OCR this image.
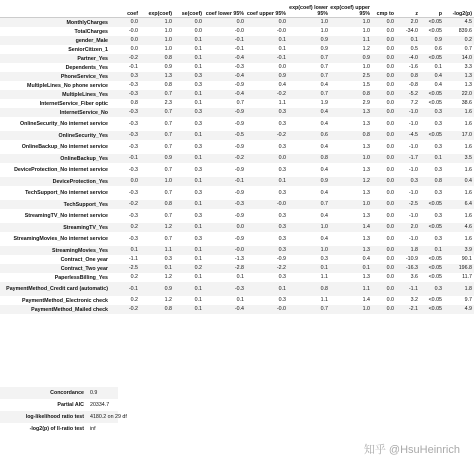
	coef	exp(coef)	se(coef)	coef lower 95%	coef upper 95%	exp(coef) lower 95%	exp(coef) upper 95%	cmp to	z	p	-log2(p)
MonthlyCharges	0.0	1.0	0.0	0.0	0.0	1.0	1.0	0.0	2.0	<0.05	4.5
TotalCharges	-0.0	1.0	0.0	-0.0	-0.0	1.0	1.0	0.0	-34.0	<0.05	839.6
gender_Male	0.0	1.0	0.1	-0.1	0.1	0.9	1.1	0.0	0.1	0.9	0.2
SeniorCitizen_1	0.0	1.0	0.1	-0.1	0.1	0.9	1.2	0.0	0.5	0.6	0.7
Partner_Yes	-0.2	0.8	0.1	-0.4	-0.1	0.7	0.9	0.0	-4.0	<0.05	14.0
Dependents_Yes	-0.1	0.9	0.1	-0.3	0.0	0.7	1.0	0.0	-1.6	0.1	3.3
PhoneService_Yes	0.3	1.3	0.3	-0.4	0.9	0.7	2.5	0.0	0.8	0.4	1.3
MultipleLines_No phone service	-0.3	0.8	0.3	-0.9	0.4	0.4	1.5	0.0	-0.8	0.4	1.3
MultipleLines_Yes	-0.3	0.7	0.1	-0.4	-0.2	0.7	0.8	0.0	-5.2	<0.05	22.0
InternetService_Fiber optic	0.8	2.3	0.1	0.7	1.1	1.9	2.9	0.0	7.2	<0.05	38.6
InternetService_No	-0.3	0.7	0.3	-0.9	0.3	0.4	1.3	0.0	-1.0	0.3	1.6
OnlineSecurity_No internet service	-0.3	0.7	0.3	-0.9	0.3	0.4	1.3	0.0	-1.0	0.3	1.6
OnlineSecurity_Yes	-0.3	0.7	0.1	-0.5	-0.2	0.6	0.8	0.0	-4.5	<0.05	17.0
OnlineBackup_No internet service	-0.3	0.7	0.3	-0.9	0.3	0.4	1.3	0.0	-1.0	0.3	1.6
OnlineBackup_Yes	-0.1	0.9	0.1	-0.2	0.0	0.8	1.0	0.0	-1.7	0.1	3.5
DeviceProtection_No internet service	-0.3	0.7	0.3	-0.9	0.3	0.4	1.3	0.0	-1.0	0.3	1.6
DeviceProtection_Yes	0.0	1.0	0.1	-0.1	0.1	0.9	1.2	0.0	0.3	0.8	0.4
TechSupport_No internet service	-0.3	0.7	0.3	-0.9	0.3	0.4	1.3	0.0	-1.0	0.3	1.6
TechSupport_Yes	-0.2	0.8	0.1	-0.3	-0.0	0.7	1.0	0.0	-2.5	<0.05	6.4
StreamingTV_No internet service	-0.3	0.7	0.3	-0.9	0.3	0.4	1.3	0.0	-1.0	0.3	1.6
StreamingTV_Yes	0.2	1.2	0.1	0.0	0.3	1.0	1.4	0.0	2.0	<0.05	4.6
StreamingMovies_No internet service	-0.3	0.7	0.3	-0.9	0.3	0.4	1.3	0.0	-1.0	0.3	1.6
StreamingMovies_Yes	0.1	1.1	0.1	-0.0	0.3	1.0	1.3	0.0	1.8	0.1	3.9
Contract_One year	-1.1	0.3	0.1	-1.3	-0.9	0.3	0.4	0.0	-10.9	<0.05	90.1
Contract_Two year	-2.5	0.1	0.2	-2.8	-2.2	0.1	0.1	0.0	-16.3	<0.05	196.8
PaperlessBilling_Yes	0.2	1.2	0.1	0.1	0.3	1.1	1.3	0.0	3.6	<0.05	11.7
PaymentMethod_Credit card (automatic)	-0.1	0.9	0.1	-0.3	0.1	0.8	1.1	0.0	-1.1	0.3	1.8
PaymentMethod_Electronic check	0.2	1.2	0.1	0.1	0.3	1.1	1.4	0.0	3.2	<0.05	9.7
PaymentMethod_Mailed check	-0.2	0.8	0.1	-0.4	-0.0	0.7	1.0	0.0	-2.1	<0.05	4.9
Concordance	0.9
Partial AIC	20334.7
log-likelihood ratio test	4180.2 on 29 df
-log2(p) of ll-ratio test	inf
知乎 @HsuHeinrich
